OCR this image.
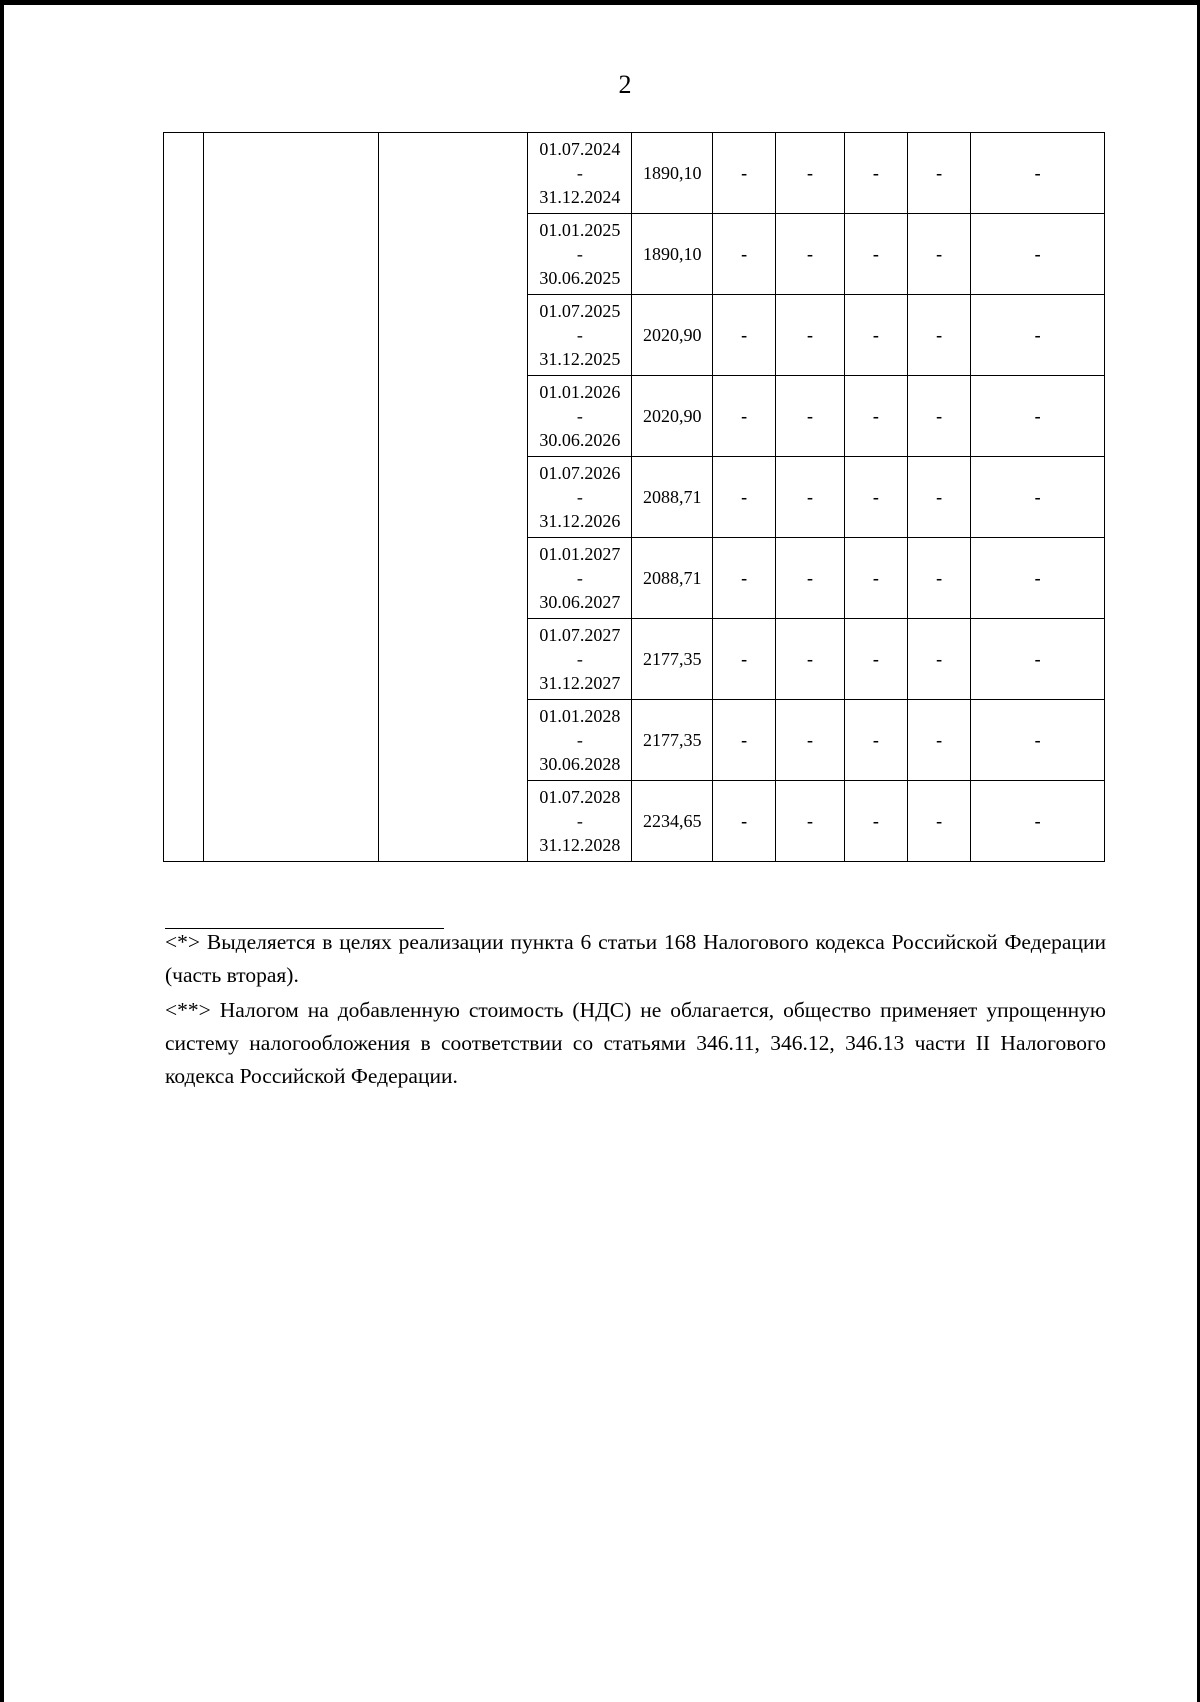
2

			01.07.2024
-
31.12.2024	1890,10	-	-	-	-	-

			01.01.2025
-
30.06.2025	1890,10	-	-	-	-	-

			01.07.2025
-
31.12.2025	2020,90	-	-	-	-	-

			01.01.2026
-
30.06.2026	2020,90	-	-	-	-	-

			01.07.2026
-
31.12.2026	2088,71	-	-	-	-	-

			01.01.2027
-
30.06.2027	2088,71	-	-	-	-	-

			01.07.2027
-
31.12.2027	2177,35	-	-	-	-	-

			01.01.2028
-
30.06.2028	2177,35	-	-	-	-	-

			01.07.2028
-
31.12.2028	2234,65	-	-	-	-	-

<*> Выделяется в целях реализации пункта 6 статьи 168 Налогового кодекса Российской Федерации (часть вторая).

<**> Налогом на добавленную стоимость (НДС) не облагается, общество применяет упрощенную систему налогообложения в соответствии со статьями 346.11, 346.12, 346.13 части II Налогового кодекса Российской Федерации.
